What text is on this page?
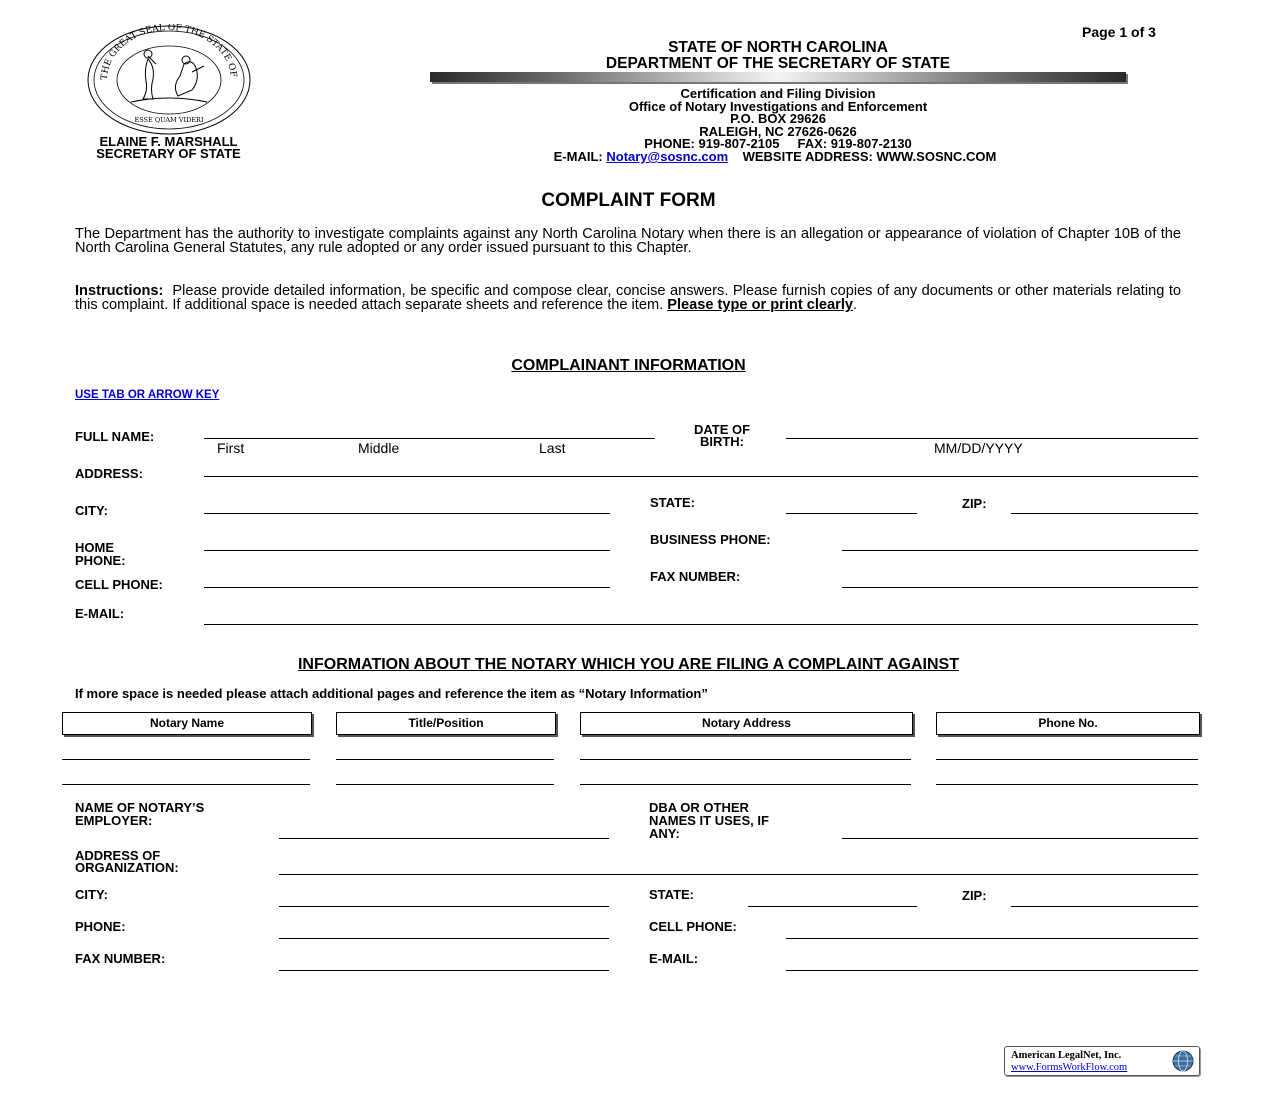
Page 1 of 3
THE GREAT SEAL OF THE STATE OF
ESSE QUAM VIDERI
ELAINE F. MARSHALL
SECRETARY OF STATE
STATE OF NORTH CAROLINA
DEPARTMENT OF THE SECRETARY OF STATE
Certification and Filing Division
Office of Notary Investigations and Enforcement
P.O. BOX 29626
RALEIGH, NC 27626-0626
PHONE: 919-807-2105 FAX: 919-807-2130
E-MAIL: Notary@sosnc.com WEBSITE ADDRESS: WWW.SOSNC.COM
COMPLAINT FORM
The Department has the authority to investigate complaints against any North Carolina Notary when there is an allegation or appearance of violation of Chapter 10B of the North Carolina General Statutes, any rule adopted or any order issued pursuant to this Chapter.
Instructions: Please provide detailed information, be specific and compose clear, concise answers. Please furnish copies of any documents or other materials relating to this complaint. If additional space is needed attach separate sheets and reference the item. Please type or print clearly.
COMPLAINANT INFORMATION
USE TAB OR ARROW KEY
FULL NAME:
First	Middle	Last
DATE OF
BIRTH:	MM/DD/YYYY
ADDRESS:
CITY:
STATE:	ZIP:
HOME
PHONE:
BUSINESS PHONE:
CELL PHONE:
FAX NUMBER:
E-MAIL:
INFORMATION ABOUT THE NOTARY WHICH YOU ARE FILING A COMPLAINT AGAINST
If more space is needed please attach additional pages and reference the item as “Notary Information”
Notary Name	Title/Position	Notary Address	Phone No.
NAME OF NOTARY’S
EMPLOYER:
DBA OR OTHER
NAMES IT USES, IF
ANY:
ADDRESS OF
ORGANIZATION:
CITY:	STATE:	ZIP:
PHONE:	CELL PHONE:
FAX NUMBER:	E-MAIL:
American LegalNet, Inc.
www.FormsWorkFlow.com
